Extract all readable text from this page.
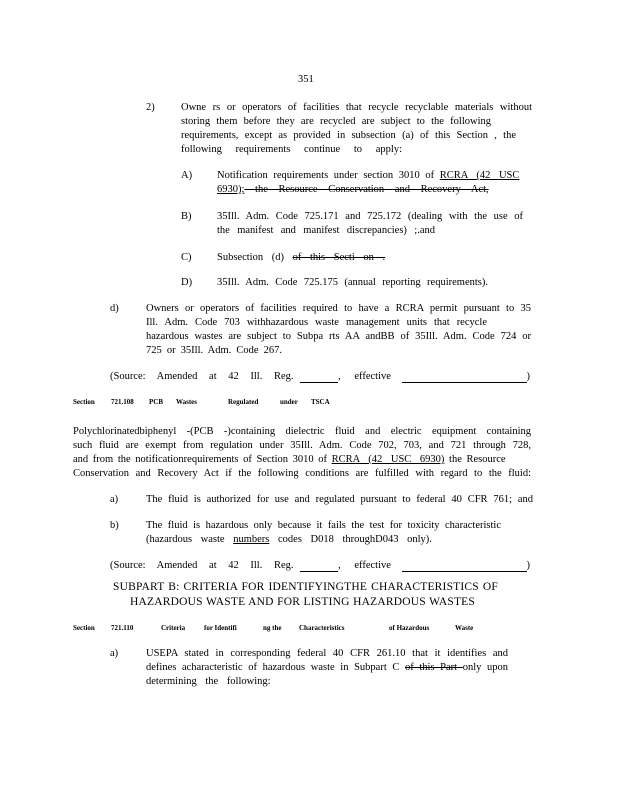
351
2)	Owne rs or operators of facilities that recycle recyclable materials without
storing them before they are recycled are subject to the following
requirements, except as provided in subsection (a) of this Section , the
following requirements continue to apply:
A) Notification requirements under section 3010 of RCRA (42 USC
6930); the Resource Conservation and Recovery Act,
B) 35Ill. Adm. Code 725.171 and 725.172 (dealing with the use of
the manifest and manifest discrepancies) ;.and
C) Subsection (d) of this Secti on .
D) 35Ill. Adm. Code 725.175 (annual reporting requirements).
d)	Owners or operators of facilities required to have a RCRA permit pursuant to 35
Ill. Adm. Code 703 withhazardous waste management units that recycle
hazardous wastes are subject to Subpa rts AA andBB of 35Ill. Adm. Code 724 or
725 or 35Ill. Adm. Code 267.
(Source: Amended at 42 Ill. Reg.	, effective	)
Section 721.108 PCB Wastes	Regulated	under TSCA
Polychlorinatedbiphenyl -(PCB -)containing dielectric fluid and electric equipment containing
such fluid are exempt from regulation under 35Ill. Adm. Code 702, 703, and 721 through 728,
and from the notificationrequirements of Section 3010 of RCRA (42 USC 6930) the Resource
Conservation and Recovery Act if the following conditions are fulfilled with regard to the fluid:
a)	The fluid is authorized for use and regulated pursuant to federal 40 CFR 761; and
b)	The fluid is hazardous only because it fails the test for toxicity characteristic
(hazardous waste numbers codes D018 throughD043 only).
(Source: Amended at 42 Ill. Reg.	, effective	)
SUBPART B: CRITERIA FOR IDENTIFYINGTHE CHARACTERISTICS OF
HAZARDOUS WASTE AND FOR LISTING HAZARDOUS WASTES
Section 721.110	Criteria	for Identifi	ng the	Characteristics	of Hazardous	Waste
a)	USEPA stated in corresponding federal 40 CFR 261.10 that it identifies and
defines acharacteristic of hazardous waste in Subpart C of this Part only upon
determining the following:
